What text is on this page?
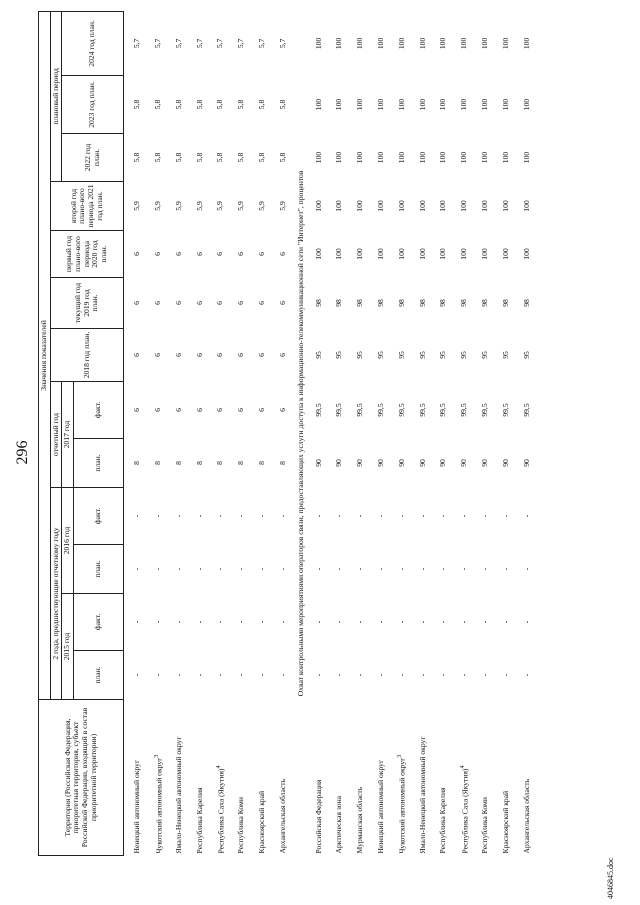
296
Территория (Российская Федерация, приоритетная территория, субъект Российской Федерации, входящий в состав приоритетной территории)	Значения показателей												
	2 года, предшествующие отчетному году				отчетный год		2018 год план.	текущий год 2019 год план.	первый год плано-вого периода 2020 год план.	второй год плано-вого периода 2021 год план.	плановый период		
	2015 год		2016 год		2017 год						2022 год план.	2023 год план.	2024 год план.
	план.	факт.	план.	факт.	план.	факт.							
Ненецкий автономный округ	-	-	-	-	8	6	6	6	6	5,9	5,8	5,8	5,7
Чукотский автономный округ$^3$	-	-	-	-	8	6	6	6	6	5,9	5,8	5,8	5,7
Ямало-Ненецкий автономный округ	-	-	-	-	8	6	6	6	6	5,9	5,8	5,8	5,7
Республика Карелия	-	-	-	-	8	6	6	6	6	5,9	5,8	5,8	5,7
Республика Саха (Якутия)$^4$	-	-	-	-	8	6	6	6	6	5,9	5,8	5,8	5,7
Республика Коми	-	-	-	-	8	6	6	6	6	5,9	5,8	5,8	5,7
Красноярский край	-	-	-	-	8	6	6	6	6	5,9	5,8	5,8	5,7
Архангельская область	-	-	-	-	8	6	6	6	6	5,9	5,8	5,8	5,7
Охват контрольными мероприятиями операторов связи, предоставляющих услуги доступа к информационно-телекоммуникационной сети "Интернет", процентов													
Российская Федерация	-	-	-	-	90	99,5	95	98	100	100	100	100	100
Арктическая зона	-	-	-	-	90	99,5	95	98	100	100	100	100	100
Мурманская область	-	-	-	-	90	99,5	95	98	100	100	100	100	100
Ненецкий автономный округ	-	-	-	-	90	99,5	95	98	100	100	100	100	100
Чукотский автономный округ$^3$	-	-	-	-	90	99,5	95	98	100	100	100	100	100
Ямало-Ненецкий автономный округ	-	-	-	-	90	99,5	95	98	100	100	100	100	100
Республика Карелия	-	-	-	-	90	99,5	95	98	100	100	100	100	100
Республика Саха (Якутия)$^4$	-	-	-	-	90	99,5	95	98	100	100	100	100	100
Республика Коми	-	-	-	-	90	99,5	95	98	100	100	100	100	100
Красноярский край	-	-	-	-	90	99,5	95	98	100	100	100	100	100
Архангельская область	-	-	-	-	90	99,5	95	98	100	100	100	100	100
4046845.doc
